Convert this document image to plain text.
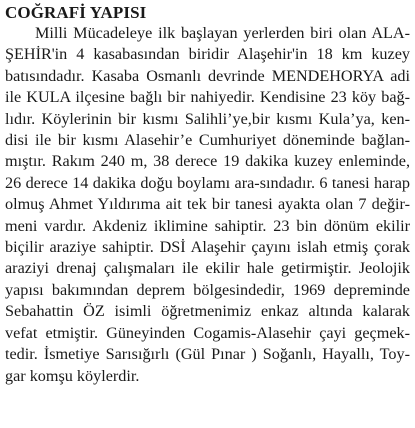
COĞRAFİ YAPISI
Milli Mücadeleye ilk başlayan yerlerden biri olan ALA-
ŞEHİR'in 4 kasabasından biridir Alaşehir'in 18 km kuzey
batısındadır. Kasaba Osmanlı devrinde MENDEHORYA adi
ile KULA ilçesine bağlı bir nahiyedir. Kendisine 23 köy bağ-
lıdır. Köylerinin bir kısmı Salihli’ye,bir kısmı Kula’ya, ken-
disi ile bir kısmı Alasehir’e Cumhuriyet döneminde bağlan-
mıştır. Rakım 240 m, 38 derece 19 dakika kuzey enleminde,
26 derece 14 dakika doğu boylamı ara-sındadır. 6 tanesi harap
olmuş Ahmet Yıldırıma ait tek bir tanesi ayakta olan 7 değir-
meni vardır. Akdeniz iklimine sahiptir. 23 bin dönüm ekilir
biçilir araziye sahiptir. DSİ Alaşehir çayını islah etmiş çorak
araziyi drenaj çalışmaları ile ekilir hale getirmiştir. Jeolojik
yapısı bakımından deprem bölgesindedir, 1969 depreminde
Sebahattin ÖZ isimli öğretmenimiz enkaz altında kalarak
vefat etmiştir. Güneyinden Cogamis-Alasehir çayi geçmek-
tedir. İsmetiye Sarısığırlı (Gül Pınar ) Soğanlı, Hayallı, Toy-
gar komşu köylerdir.
